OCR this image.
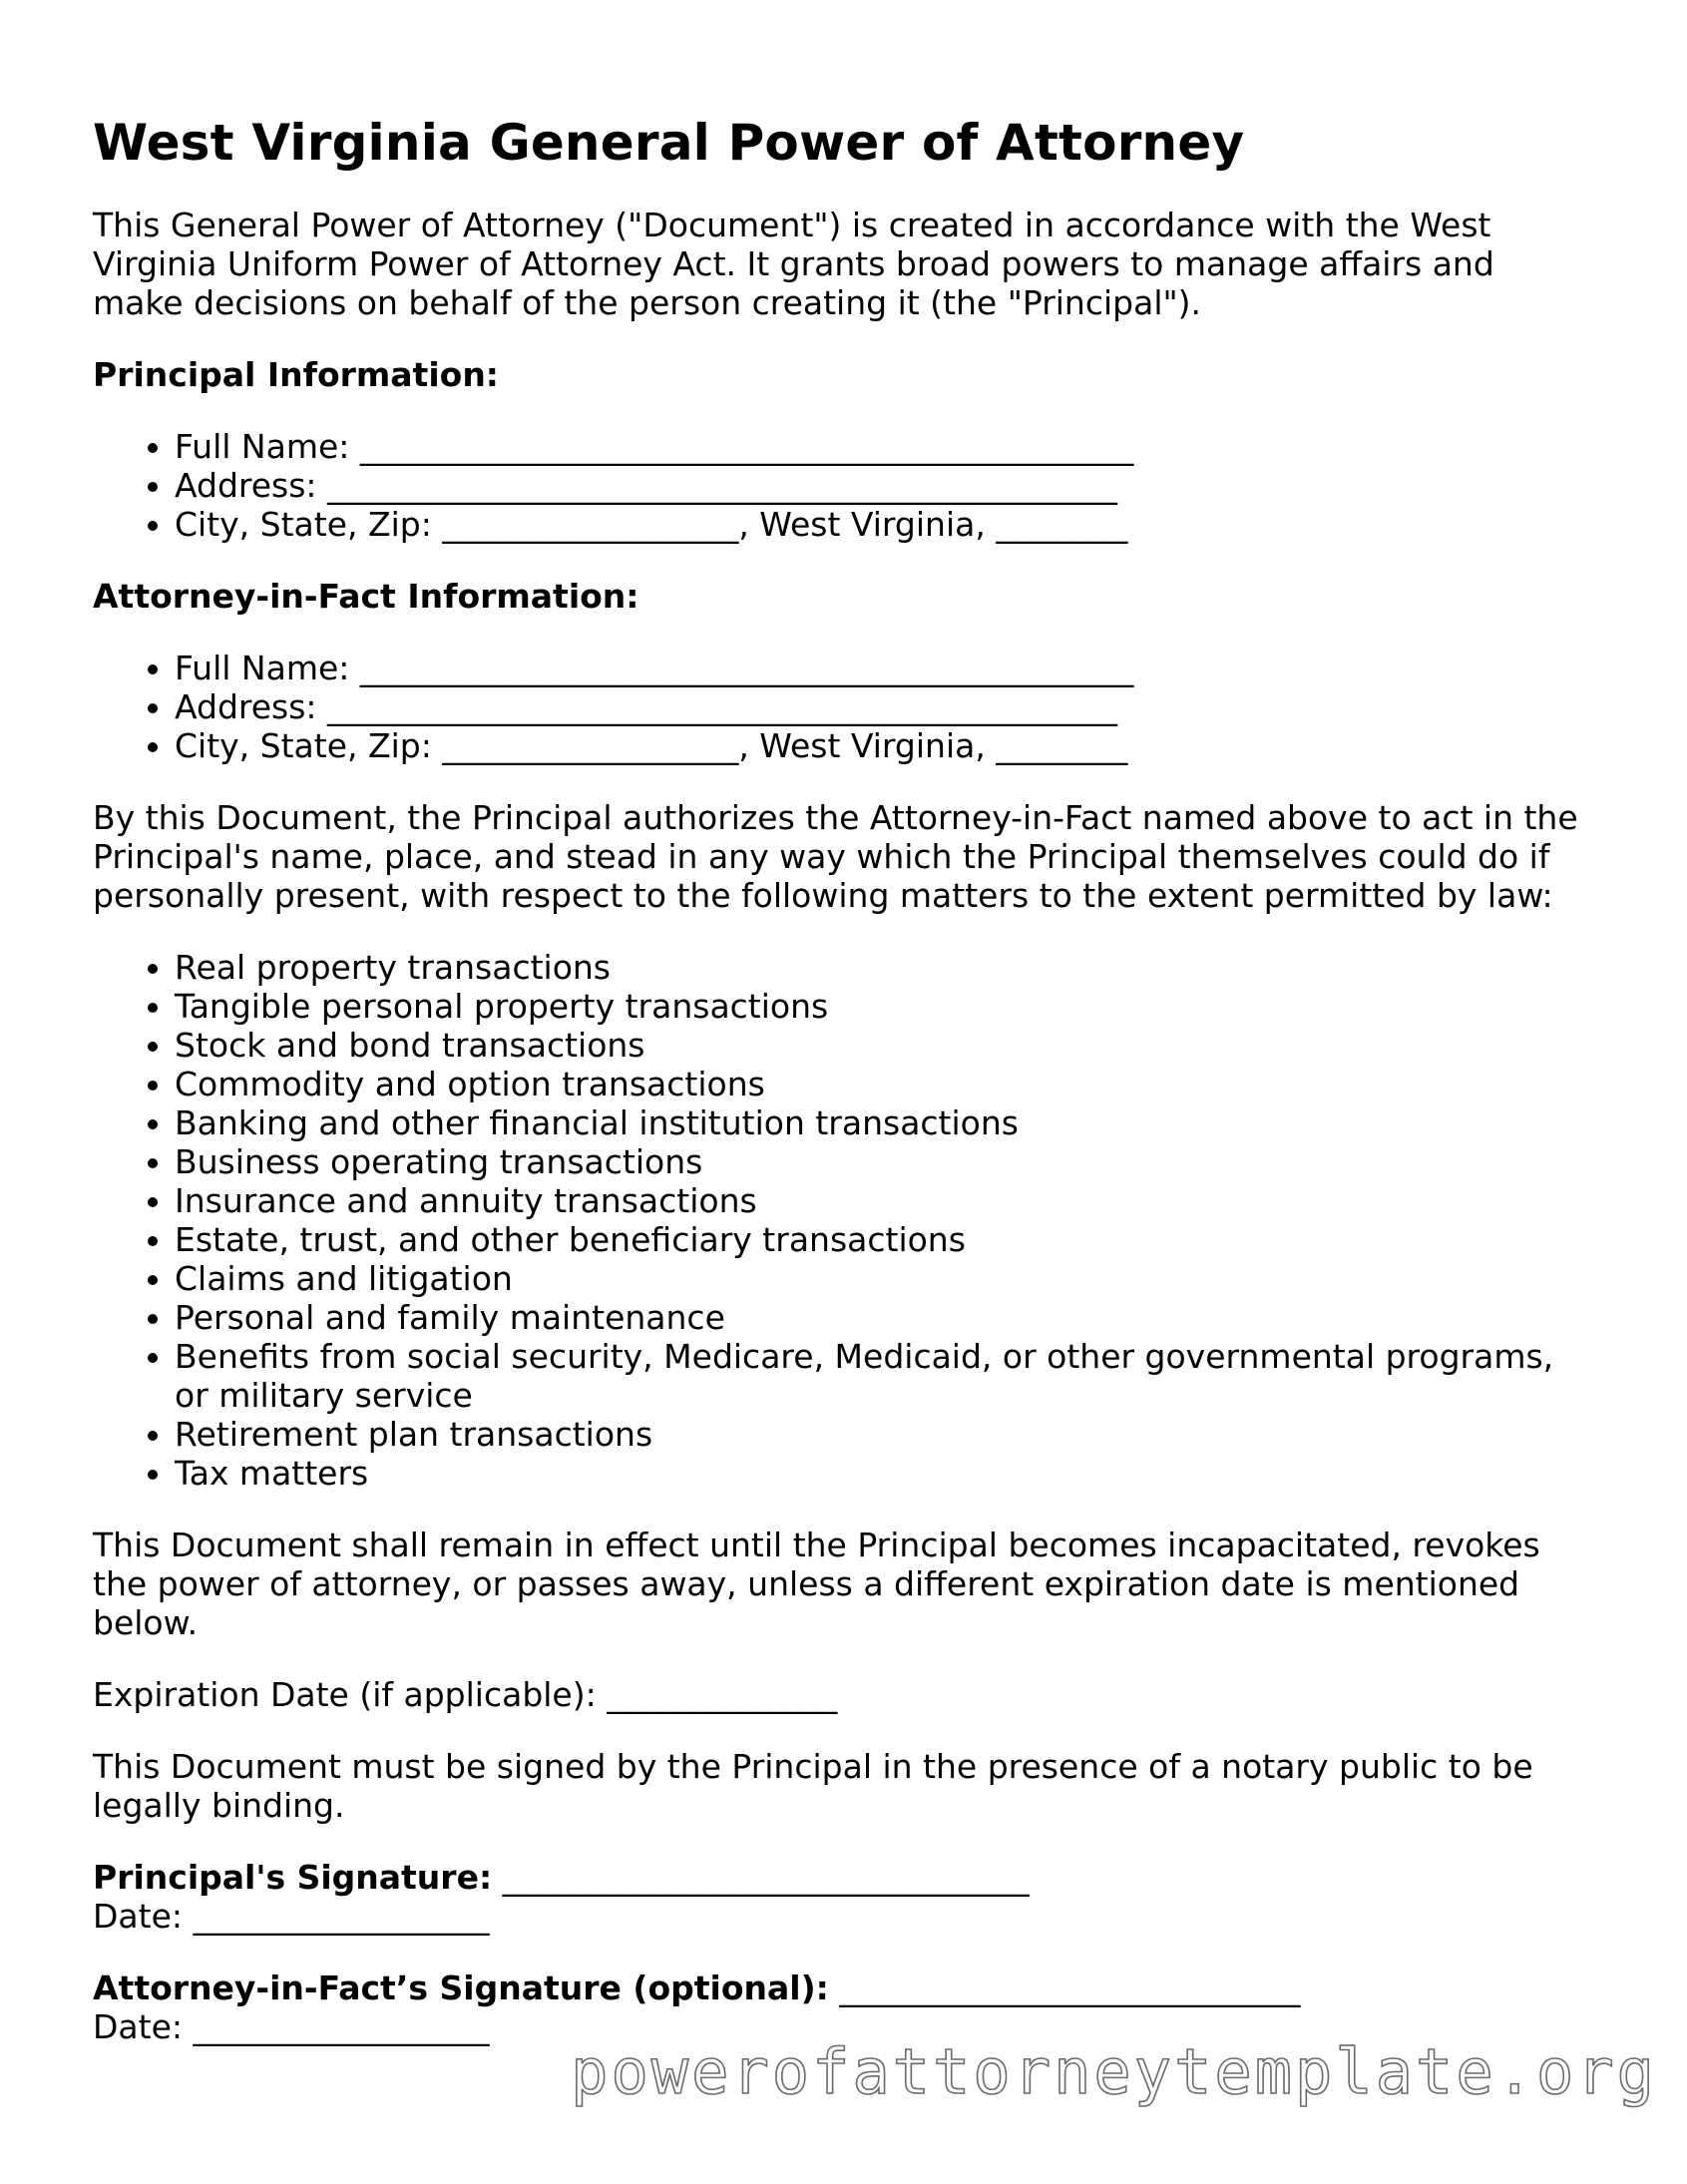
West Virginia General Power of Attorney

This General Power of Attorney ("Document") is created in accordance with the West Virginia Uniform Power of Attorney Act. It grants broad powers to manage affairs and make decisions on behalf of the person creating it (the "Principal").

Principal Information:

• Full Name: _______________________________________________
• Address: ________________________________________________
• City, State, Zip: __________________, West Virginia, ________

Attorney-in-Fact Information:

• Full Name: _______________________________________________
• Address: ________________________________________________
• City, State, Zip: __________________, West Virginia, ________

By this Document, the Principal authorizes the Attorney-in-Fact named above to act in the Principal's name, place, and stead in any way which the Principal themselves could do if personally present, with respect to the following matters to the extent permitted by law:

• Real property transactions
• Tangible personal property transactions
• Stock and bond transactions
• Commodity and option transactions
• Banking and other financial institution transactions
• Business operating transactions
• Insurance and annuity transactions
• Estate, trust, and other beneficiary transactions
• Claims and litigation
• Personal and family maintenance
• Benefits from social security, Medicare, Medicaid, or other governmental programs, or military service
• Retirement plan transactions
• Tax matters

This Document shall remain in effect until the Principal becomes incapacitated, revokes the power of attorney, or passes away, unless a different expiration date is mentioned below.

Expiration Date (if applicable): ______________

This Document must be signed by the Principal in the presence of a notary public to be legally binding.

Principal's Signature: ________________________________

Date: __________________

Attorney-in-Fact’s Signature (optional): ____________________________

Date: __________________

powerofattorneytemplate.org
